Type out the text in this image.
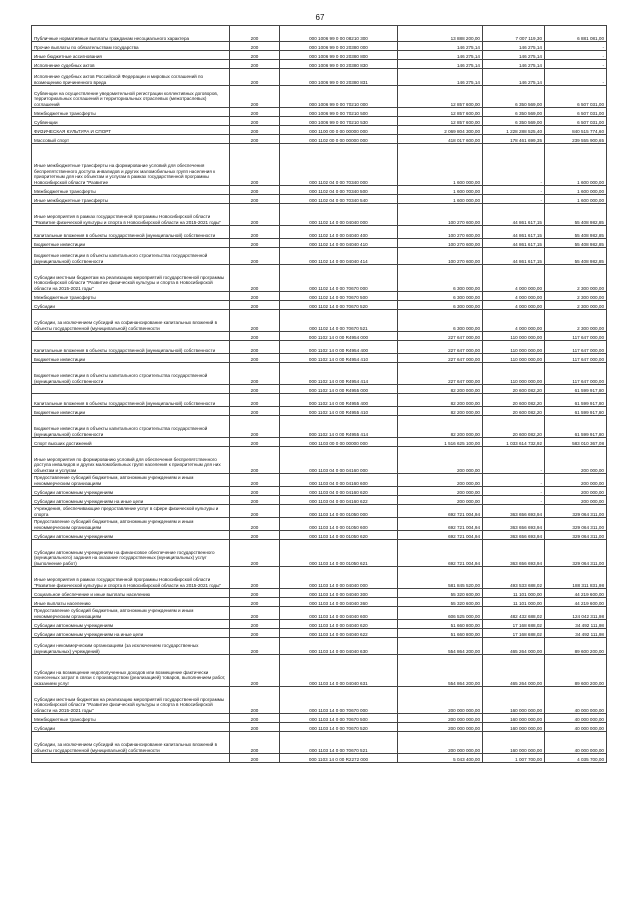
67
Публичные нормативные выплаты гражданам несоциального характера	200	000 1006 99 0 00 08210 300	13 888 200,00	7 007 119,30	6 881 081,00
Прочие выплаты по обязательствам государства	200	000 1006 99 0 00 20380 000	146 275,14	146 275,14	-
Иные бюджетные ассигнования	200	000 1006 99 0 00 20380 800	146 275,14	146 275,14	-
Исполнение судебных актов	200	000 1006 99 0 00 20380 830	146 275,14	146 275,14	-
Исполнение судебных актов Российской Федерации и мировых соглашений по возмещению причиненного вреда	200	000 1006 99 0 00 20380 831	146 275,14	146 275,14	-
Субвенции на осуществление уведомительной регистрации коллективных договоров, территориальных соглашений и территориальных отраслевых (межотраслевых) соглашений	200	000 1006 99 0 00 70210 000	12 857 600,00	6 350 569,00	6 507 031,00
Межбюджетные трансферты	200	000 1006 99 0 00 70210 500	12 857 600,00	6 350 569,00	6 507 031,00
Субвенции	200	000 1006 99 0 00 70210 530	12 857 600,00	6 350 569,00	6 507 031,00
ФИЗИЧЕСКАЯ КУЛЬТУРА И СПОРТ	200	000 1100 00 0 00 00000 000	2 069 804 300,00	1 228 288 525,40	840 515 774,60
Массовый спорт	200	000 1102 00 0 00 00000 000	418 017 600,00	178 461 699,35	239 555 900,65
Иные межбюджетные трансферты на формирование условий для обеспечения беспрепятственного доступа инвалидов и других маломобильных групп населения к приоритетным для них объектам и услугам в рамках государственной программы Новосибирской области "Развитие	200	000 1102 04 0 00 70340 000	1 600 000,00	-	1 600 000,00
Межбюджетные трансферты	200	000 1102 04 0 00 70340 500	1 600 000,00	-	1 600 000,00
Иные межбюджетные трансферты	200	000 1102 04 0 00 70340 540	1 600 000,00	-	1 600 000,00
Иные мероприятия в рамках государственной программы Новосибирской области "Развитие физической культуры и спорта в Новосибирской области на 2015-2021 годы"	200	000 1102 14 0 00 04040 000	100 270 600,00	44 861 617,15	55 408 982,85
Капитальные вложения в объекты государственной (муниципальной) собственности	200	000 1102 14 0 00 04040 400	100 270 600,00	44 861 617,15	55 408 982,85
Бюджетные инвестиции	200	000 1102 14 0 00 04040 410	100 270 600,00	44 861 617,15	55 408 982,85
Бюджетные инвестиции в объекты капитального строительства государственной (муниципальной) собственности	200	000 1102 14 0 00 04040 414	100 270 600,00	44 861 617,15	55 408 982,85
Субсидии местным бюджетам на реализацию мероприятий государственной программы Новосибирской области "Развитие физической культуры и спорта в Новосибирской области на 2015-2021 годы"	200	000 1102 14 0 00 70670 000	6 300 000,00	4 000 000,00	2 300 000,00
Межбюджетные трансферты	200	000 1102 14 0 00 70670 500	6 300 000,00	4 000 000,00	2 300 000,00
Субсидии	200	000 1102 14 0 00 70670 520	6 300 000,00	4 000 000,00	2 300 000,00
Субсидии, за исключением субсидий на софинансирование капитальных вложений в объекты государственной (муниципальной) собственности	200	000 1102 14 0 00 70670 521	6 300 000,00	4 000 000,00	2 300 000,00
	200	000 1102 14 0 00 R4954 000	227 647 000,00	110 000 000,00	117 647 000,00
Капитальные вложения в объекты государственной (муниципальной) собственности	200	000 1102 14 0 00 R4954 400	227 647 000,00	110 000 000,00	117 647 000,00
Бюджетные инвестиции	200	000 1102 14 0 00 R4954 410	227 647 000,00	110 000 000,00	117 647 000,00
Бюджетные инвестиции в объекты капитального строительства государственной (муниципальной) собственности	200	000 1102 14 0 00 R4954 414	227 647 000,00	110 000 000,00	117 647 000,00
	200	000 1102 14 0 00 R4955 000	82 200 000,00	20 600 082,20	61 599 917,80
Капитальные вложения в объекты государственной (муниципальной) собственности	200	000 1102 14 0 00 R4955 400	82 200 000,00	20 600 082,20	61 599 917,80
Бюджетные инвестиции	200	000 1102 14 0 00 R4955 410	82 200 000,00	20 600 082,20	61 599 917,80
Бюджетные инвестиции в объекты капитального строительства государственной (муниципальной) собственности	200	000 1102 14 0 00 R4955 414	82 200 000,00	20 600 082,20	61 599 917,80
Спорт высших достижений	200	000 1103 00 0 00 00000 000	1 516 625 100,00	1 033 614 732,92	583 010 367,08
Иные мероприятия по формированию условий для обеспечения беспрепятственного доступа инвалидов и других маломобильных групп населения к приоритетным для них объектам и услугам	200	000 1103 04 0 00 04160 000	200 000,00	-	200 000,00
Предоставление субсидий бюджетным, автономным учреждениям и иным некоммерческим организациям	200	000 1103 04 0 00 04160 600	200 000,00	-	200 000,00
Субсидии автономным учреждениям	200	000 1103 04 0 00 04160 620	200 000,00	-	200 000,00
Субсидии автономным учреждениям на иные цели	200	000 1103 04 0 00 04160 622	200 000,00	-	200 000,00
Учреждения, обеспечивающие предоставление услуг в сфере физической культуры и спорта	200	000 1103 14 0 00 01050 000	692 721 004,94	363 656 693,94	329 064 311,00
Предоставление субсидий бюджетным, автономным учреждениям и иным некоммерческим организациям	200	000 1103 14 0 00 01050 600	692 721 004,94	363 656 693,94	329 064 311,00
Субсидии автономным учреждениям	200	000 1103 14 0 00 01050 620	692 721 004,94	363 656 693,94	329 064 311,00
Субсидии автономным учреждениям на финансовое обеспечение государственного (муниципального) задания на оказание государственных (муниципальных) услуг (выполнение работ)	200	000 1103 14 0 00 01050 621	692 721 004,94	363 656 693,94	329 064 311,00
Иные мероприятия в рамках государственной программы Новосибирской области "Развитие физической культуры и спорта в Новосибирской области на 2015-2021 годы"	200	000 1103 14 0 00 04040 000	581 845 520,00	493 533 688,02	188 311 831,98
Социальное обеспечение и иные выплаты населению	200	000 1103 14 0 00 04040 300	55 320 600,00	11 101 000,00	44 219 600,00
Иные выплаты населению	200	000 1103 14 0 00 04040 360	55 320 600,00	11 101 000,00	44 219 600,00
Предоставление субсидий бюджетным, автономным учреждениям и иным некоммерческим организациям	200	000 1103 14 0 00 04040 600	606 525 000,00	482 432 688,02	124 042 311,98
Субсидии автономным учреждениям	200	000 1103 14 0 00 04040 620	51 660 800,00	17 168 688,02	34 492 111,98
Субсидии автономным учреждениям на иные цели	200	000 1103 14 0 00 04040 622	51 660 800,00	17 168 688,02	34 492 111,98
Субсидии некоммерческим организациям (за исключением государственных (муниципальных) учреждений)	200	000 1103 14 0 00 04040 630	554 864 200,00	465 264 000,00	89 600 200,00
Субсидии на возмещение недополученных доходов или возмещение фактически понесенных затрат в связи с производством (реализацией) товаров, выполнением работ, оказанием услуг	200	000 1103 14 0 00 04040 631	554 864 200,00	465 264 000,00	89 600 200,00
Субсидии местным бюджетам на реализацию мероприятий государственной программы Новосибирской области "Развитие физической культуры и спорта в Новосибирской области на 2015-2021 годы"	200	000 1103 14 0 00 70670 000	200 000 000,00	160 000 000,00	40 000 000,00
Межбюджетные трансферты	200	000 1103 14 0 00 70670 500	200 000 000,00	160 000 000,00	40 000 000,00
Субсидии	200	000 1103 14 0 00 70670 520	200 000 000,00	160 000 000,00	40 000 000,00
Субсидии, за исключением субсидий на софинансирование капитальных вложений в объекты государственной (муниципальной) собственности	200	000 1103 14 0 00 70670 521	200 000 000,00	160 000 000,00	40 000 000,00
	200	000 1103 14 0 00 R2272 000	5 043 400,00	1 007 700,00	4 035 700,00
